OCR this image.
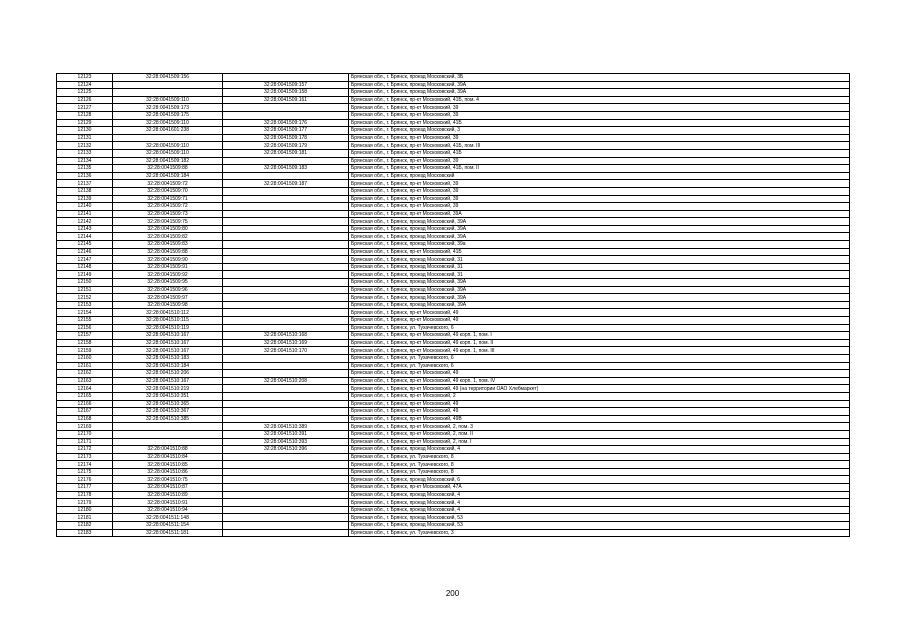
12123	32:28:0041509:156		Брянская обл., г. Брянск, проезд Московский, 3Б
12124		32:28:0041509:157	Брянская обл., г. Брянск, проезд Московский, 39А
12125		32:28:0041509:158	Брянская обл., г. Брянск, проезд Московский, 39А
12126	32:28:0041509:110	32:28:0041509:161	Брянская обл., г. Брянск, пр-кт Московский, 41Б, пом. 4
12127	32:28:0041509:173		Брянская обл., г. Брянск, пр-кт Московский, 39
12128	32:28:0041509:175		Брянская обл., г. Брянск, пр-кт Московский, 39
12129	32:28:0041509:110	32:28:0041509:176	Брянская обл., г. Брянск, пр-кт Московский, 41Б
12130	32:28:0041601:238	32:28:0041509:177	Брянская обл., г. Брянск, проезд Московский, 3
12131		32:28:0041509:178	Брянская обл., г. Брянск, пр-кт Московский, 39
12132	32:28:0041509:110	32:28:0041509:179	Брянская обл., г. Брянск, пр-кт Московский, 41Б, пом. III
12133	32:28:0041509:110	32:28:0041509:181	Брянская обл., г. Брянск, пр-кт Московский, 41Б
12134	32:28:0041509:182		Брянская обл., г. Брянск, пр-кт Московский, 39
12135	32:28:0041509:88	32:28:0041509:183	Брянская обл., г. Брянск, пр-кт Московский, 41Б, пом. II
12136	32:28:0041509:184		Брянская обл., г. Брянск, проезд Московский
12137	32:28:0041509:72	32:28:0041509:187	Брянская обл., г. Брянск, пр-кт Московский, 39
12138	32:28:0041509:70		Брянская обл., г. Брянск, пр-кт Московский, 39
12139	32:28:0041509:71		Брянская обл., г. Брянск, пр-кт Московский, 39
12140	32:28:0041509:72		Брянская обл., г. Брянск, пр-кт Московский, 39
12141	32:28:0041509:73		Брянская обл., г. Брянск, пр-кт Московский, 39А
12142	32:28:0041509:75		Брянская обл., г. Брянск, проезд Московский, 39А
12143	32:28:0041509:80		Брянская обл., г. Брянск, проезд Московский, 39А
12144	32:28:0041509:82		Брянская обл., г. Брянск, проезд Московский, 39А
12145	32:28:0041509:83		Брянская обл., г. Брянск, проезд Московский, 39а
12146	32:28:0041509:88		Брянская обл., г. Брянск, пр-кт Московский, 41Б
12147	32:28:0041509:90		Брянская обл., г. Брянск, проезд Московский, 31
12148	32:28:0041509:91		Брянская обл., г. Брянск, проезд Московский, 31
12149	32:28:0041509:92		Брянская обл., г. Брянск, проезд Московский, 31
12150	32:28:0041509:95		Брянская обл., г. Брянск, проезд Московский, 39А
12151	32:28:0041509:96		Брянская обл., г. Брянск, проезд Московский, 39А
12152	32:28:0041509:97		Брянская обл., г. Брянск, проезд Московский, 39А
12153	32:28:0041509:98		Брянская обл., г. Брянск, проезд Московский, 39А
12154	32:28:0041510:112		Брянская обл., г. Брянск, пр-кт Московский, 49
12155	32:28:0041510:115		Брянская обл., г. Брянск, пр-кт Московский, 49
12156	32:28:0041510:119		Брянская обл., г. Брянск, ул. Тухачевского, 6
12157	32:28:0041510:167	32:28:0041510:168	Брянская обл., г. Брянск, пр-кт Московский, 49 корп. 1, пом. I
12158	32:28:0041510:167	32:28:0041510:169	Брянская обл., г. Брянск, пр-кт Московский, 49 корп. 1, пом. II
12159	32:28:0041510:167	32:28:0041510:170	Брянская обл., г. Брянск, пр-кт Московский, 49 корп. 1, пом. III
12160	32:28:0041510:183		Брянская обл., г. Брянск, ул. Тухачевского, 6
12161	32:28:0041510:184		Брянская обл., г. Брянск, ул. Тухачевского, 6
12162	32:28:0041510:206		Брянская обл., г. Брянск, пр-кт Московский, 49
12163	32:28:0041510:167	32:28:0041510:208	Брянская обл., г. Брянск, пр-кт Московский, 49 корп. 1, пом. IV
12164	32:28:0041510:219		Брянская обл., г. Брянск, пр-кт Московский, 49 (на территории ОАО Хлебмаркет)
12165	32:28:0041510:351		Брянская обл., г. Брянск, пр-кт Московский, 2
12166	32:28:0041510:365		Брянская обл., г. Брянск, пр-кт Московский, 49
12167	32:28:0041510:367		Брянская обл., г. Брянск, пр-кт Московский, 49
12168	32:28:0041510:385		Брянская обл., г. Брянск, пр-кт Московский, 49В
12169		32:28:0041510:389	Брянская обл., г. Брянск, пр-кт Московский, 2, пом. 3
12170		32:28:0041510:391	Брянская обл., г. Брянск, пр-кт Московский, 2, пом. II
12171		32:28:0041510:393	Брянская обл., г. Брянск, пр-кт Московский, 2, пом. I
12172	32:28:0041510:88	32:28:0041510:396	Брянская обл., г. Брянск, проезд Московский, 4
12173	32:28:0041510:84		Брянская обл., г. Брянск, ул. Тухачевского, 8
12174	32:28:0041510:85		Брянская обл., г. Брянск, ул. Тухачевского, 8
12175	32:28:0041510:86		Брянская обл., г. Брянск, ул. Тухачевского, 8
12176	32:28:0041510:75		Брянская обл., г. Брянск, проезд Московский, 6
12177	32:28:0041510:87		Брянская обл., г. Брянск, пр-кт Московский, 47А
12178	32:28:0041510:89		Брянская обл., г. Брянск, проезд Московский, 4
12179	32:28:0041510:91		Брянская обл., г. Брянск, проезд Московский, 4
12180	32:28:0041510:94		Брянская обл., г. Брянск, проезд Московский, 4
12181	32:28:0041511:148		Брянская обл., г. Брянск, проезд Московский, 53
12182	32:28:0041511:154		Брянская обл., г. Брянск, проезд Московский, 53
12183	32:28:0041511:181		Брянская обл., г. Брянск, ул. Тухачевского, 3
200
